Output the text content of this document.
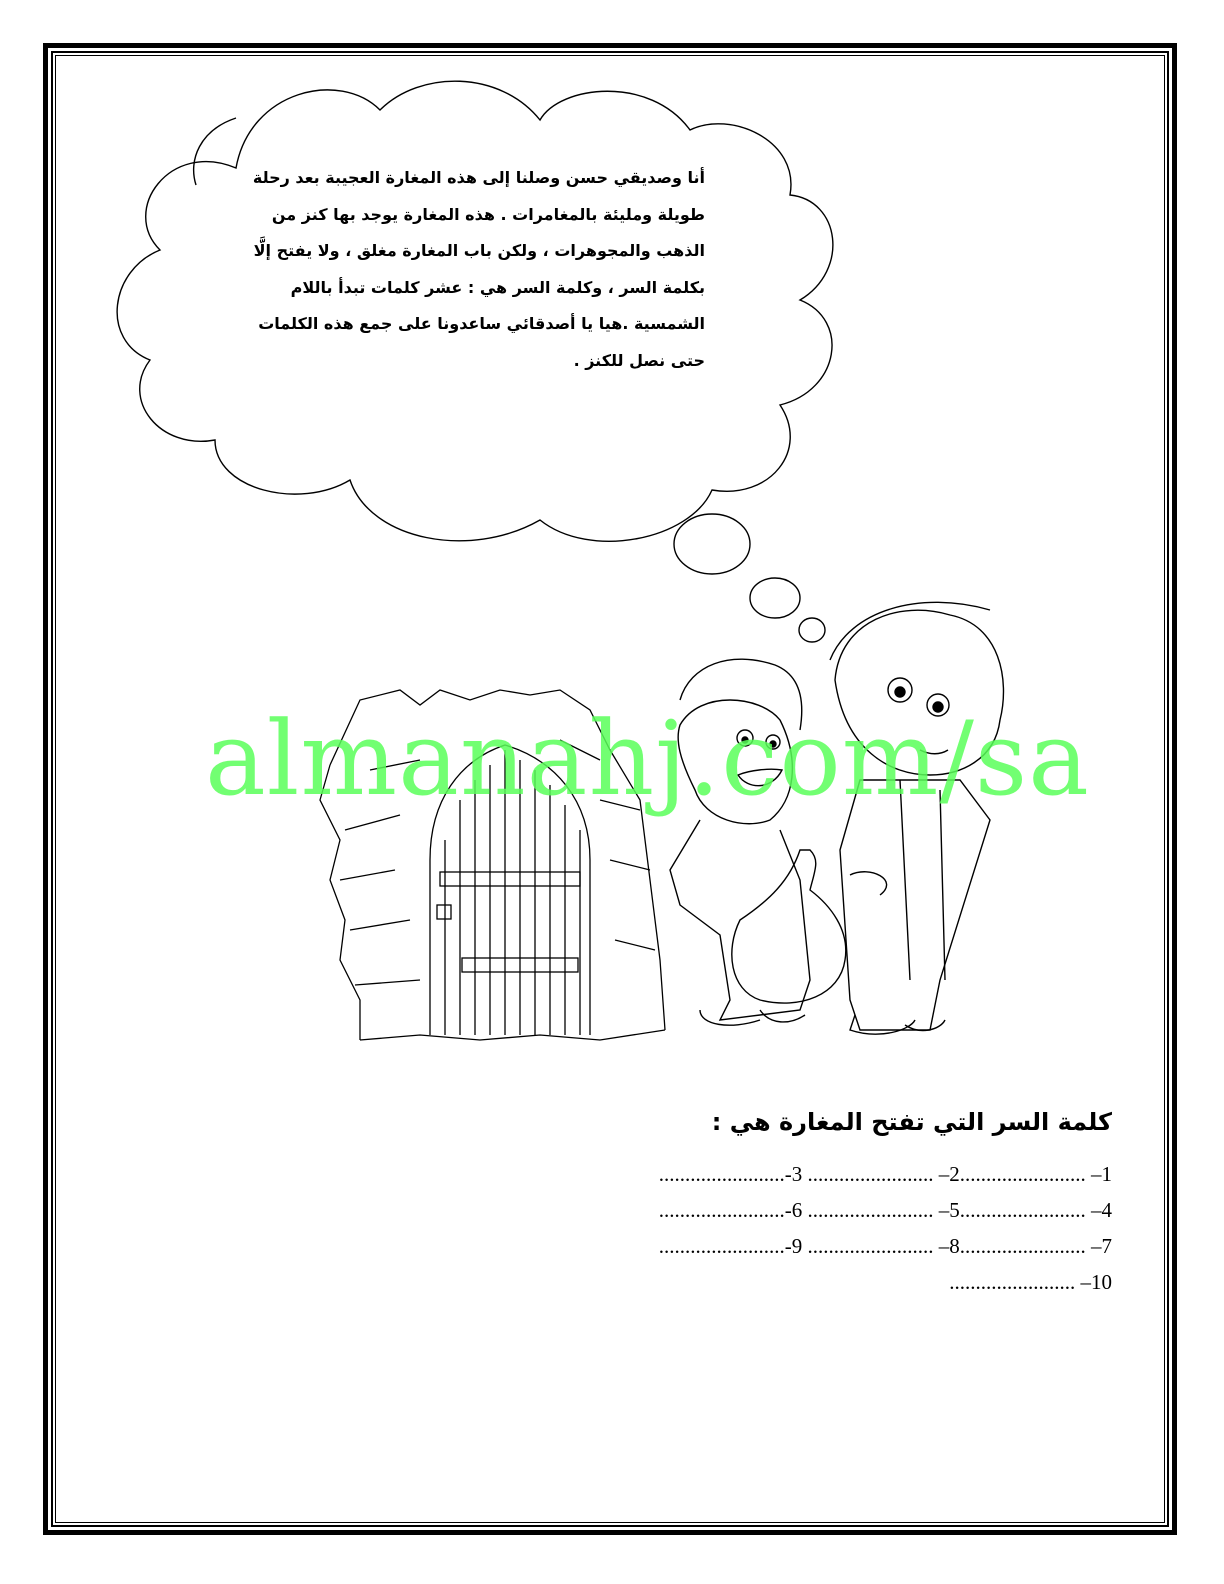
أنا وصديقي حسن وصلنا إلى هذه المغارة العجيبة بعد رحلة
طويلة ومليئة بالمغامرات . هذه المغارة يوجد بها كنز من
الذهب والمجوهرات ، ولكن باب المغارة مغلق ، ولا يفتح إلَّا
بكلمة السر ، وكلمة السر هي : عشر كلمات تبدأ باللام
الشمسية .هيا يا أصدقائي ساعدونا على جمع هذه الكلمات
حتى نصل للكنز .
almanahj.com/sa
كلمة السر التي تفتح المغارة هي :
........................-3 ........................ –2........................ –1
........................-6 ........................ –5........................ –4
........................-9 ........................ –8........................ –7
........................ –10
